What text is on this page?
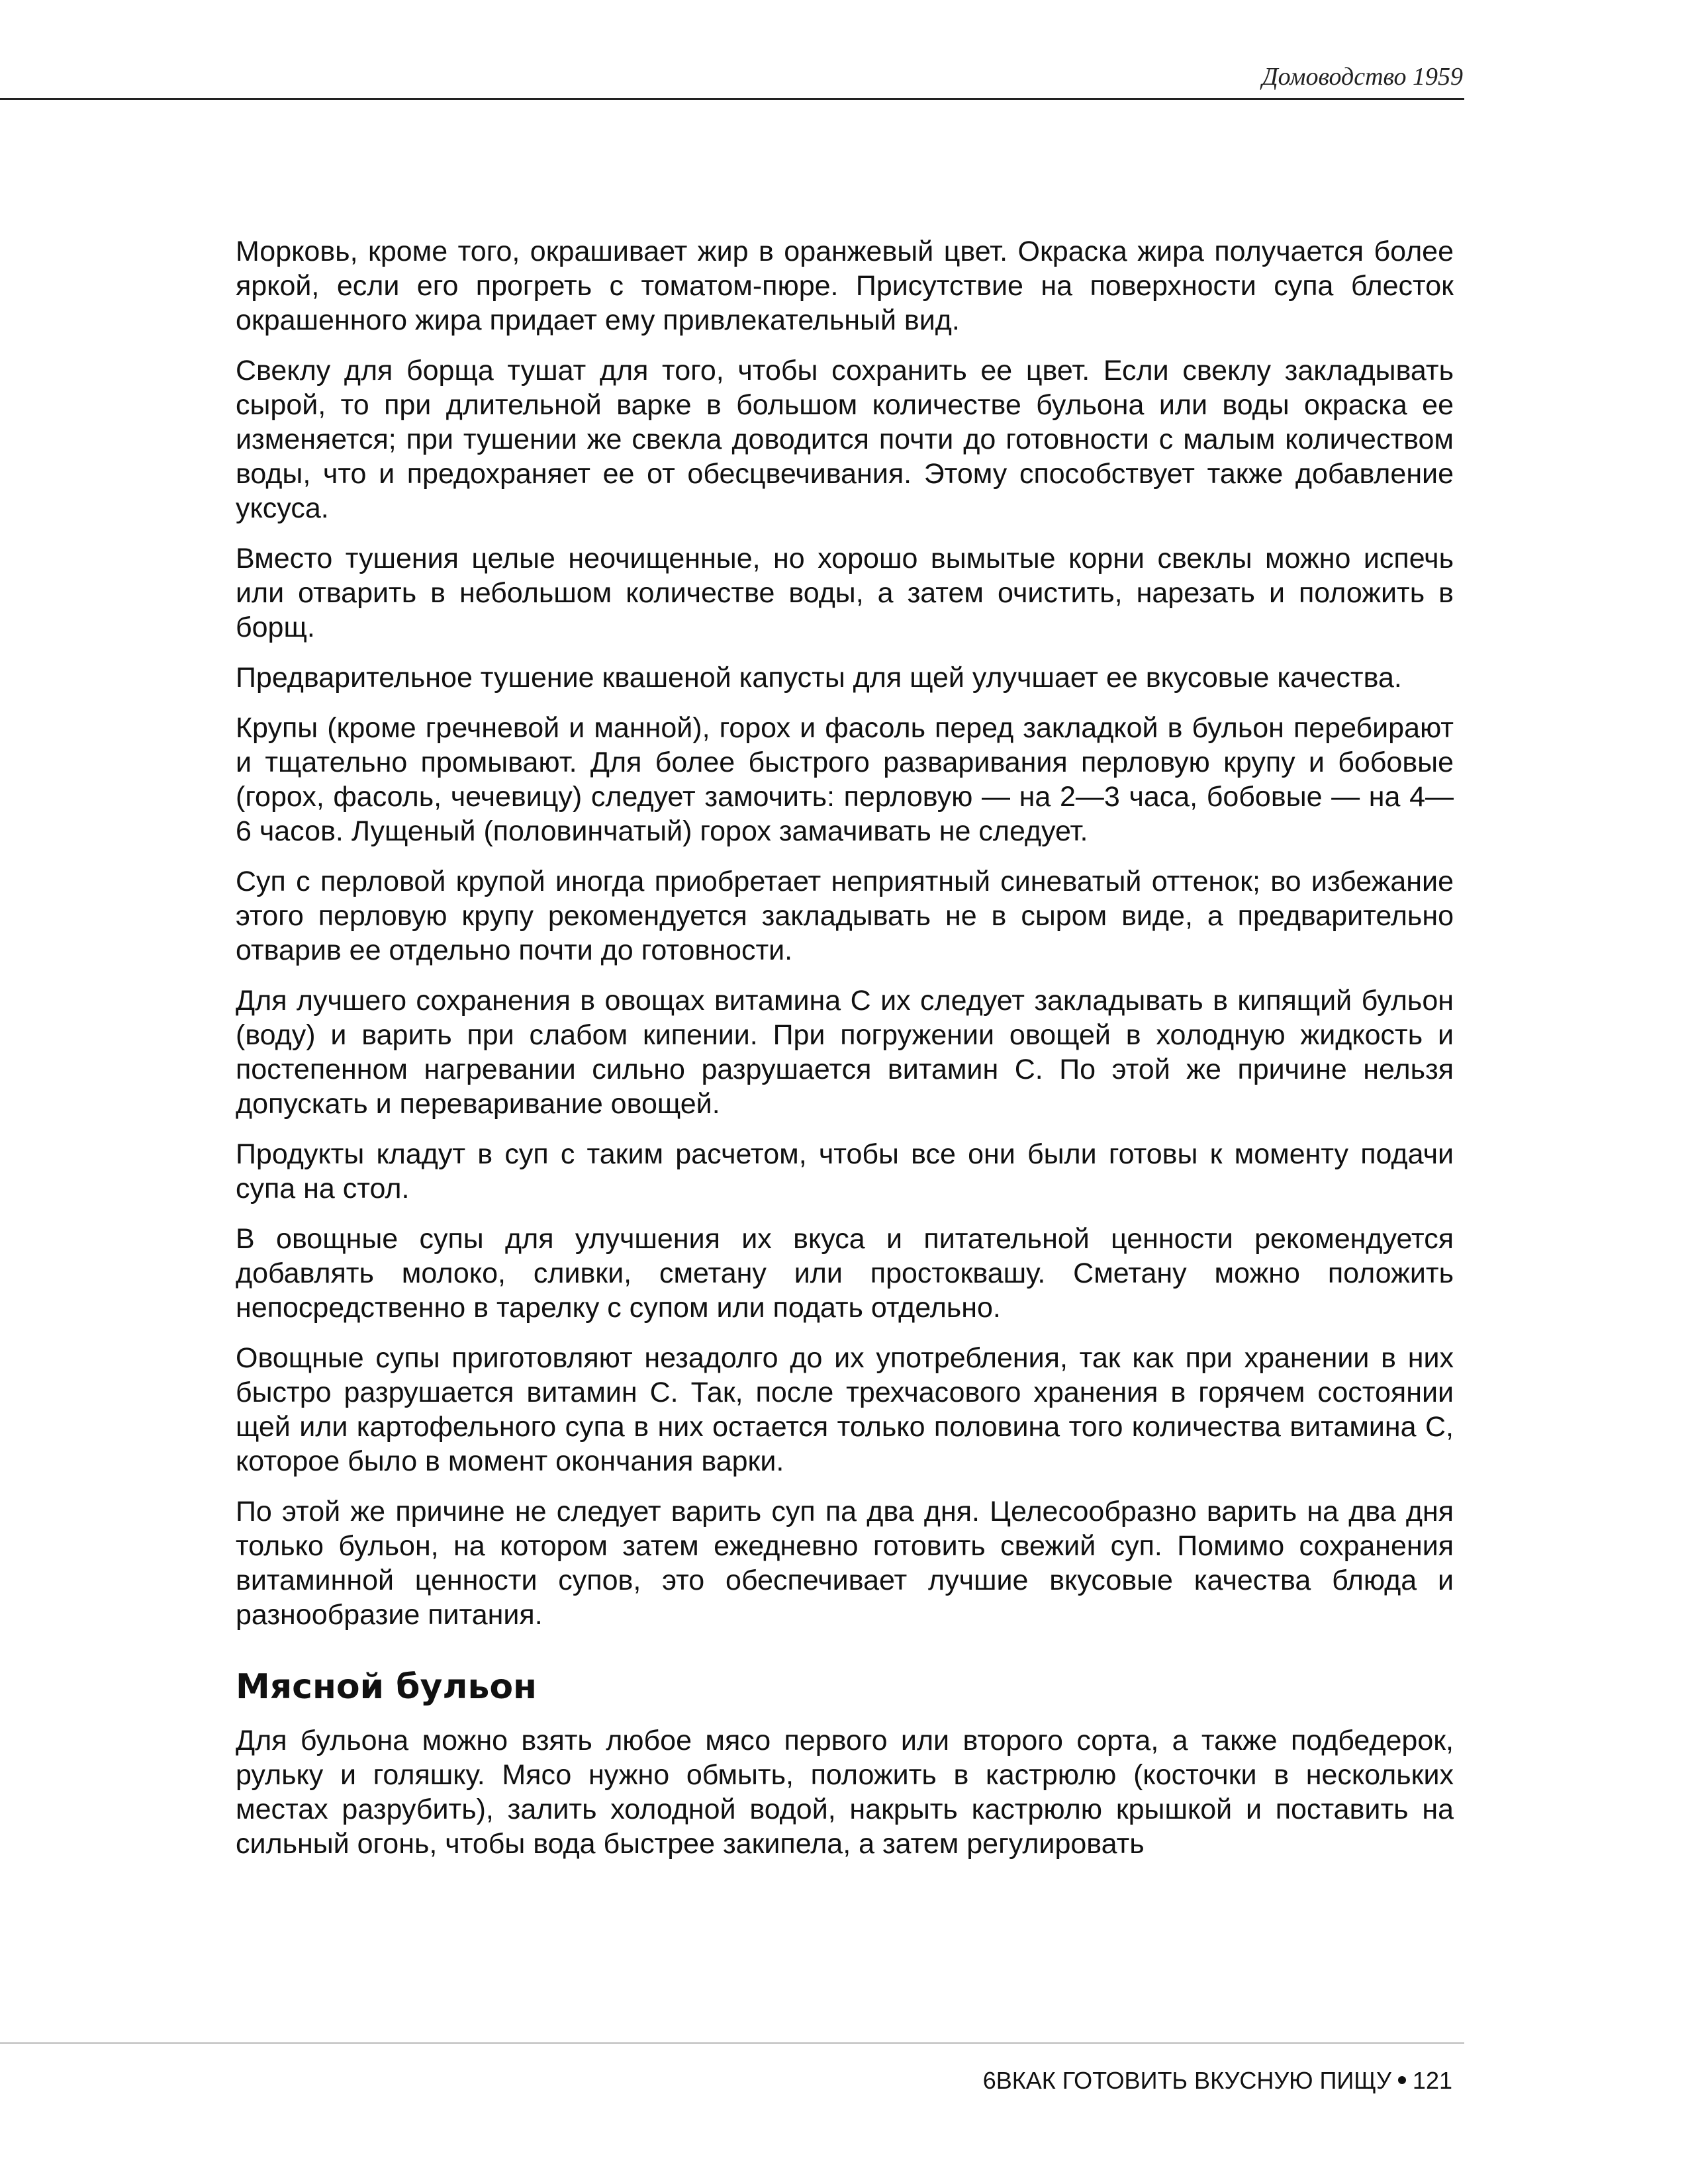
Домоводство 1959

Морковь, кроме того, окрашивает жир в оранжевый цвет. Окраска жира получается более яркой, если его прогреть с томатом-пюре. Присутствие на поверхности супа блесток окрашенного жира придает ему привлекательный вид.

Свеклу для борща тушат для того, чтобы сохранить ее цвет. Если свеклу закладывать сырой, то при длительной варке в большом количестве бульона или воды окраска ее изменяется; при тушении же свекла доводится почти до готовности с малым количеством воды, что и предохраняет ее от обесцвечивания. Этому способствует также добавление уксуса.

Вместо тушения целые неочищенные, но хорошо вымытые корни свеклы можно испечь или отварить в небольшом количестве воды, а затем очистить, нарезать и положить в борщ.

Предварительное тушение квашеной капусты для щей улучшает ее вкусовые качества.

Крупы (кроме гречневой и манной), горох и фасоль перед закладкой в бульон перебирают и тщательно промывают. Для более быстрого разваривания перловую крупу и бобовые (горох, фасоль, чечевицу) следует замочить: перловую — на 2—3 часа, бобовые — на 4—6 часов. Лущеный (половинчатый) горох замачивать не следует.

Суп с перловой крупой иногда приобретает неприятный синеватый оттенок; во избежание этого перловую крупу рекомендуется закладывать не в сыром виде, а предварительно отварив ее отдельно почти до готовности.

Для лучшего сохранения в овощах витамина С их следует закладывать в кипящий бульон (воду) и варить при слабом кипении. При погружении овощей в холодную жидкость и постепенном нагревании сильно разрушается витамин С. По этой же причине нельзя допускать и переваривание овощей.

Продукты кладут в суп с таким расчетом, чтобы все они были готовы к моменту подачи супа на стол.

В овощные супы для улучшения их вкуса и питательной ценности рекомендуется добавлять молоко, сливки, сметану или простоквашу. Сметану можно положить непосредственно в тарелку с супом или подать отдельно.

Овощные супы приготовляют незадолго до их употребления, так как при хранении в них быстро разрушается витамин С. Так, после трехчасового хранения в горячем состоянии щей или картофельного супа в них остается только половина того количества витамина С, которое было в момент окончания варки.

По этой же причине не следует варить суп па два дня. Целесообразно варить на два дня только бульон, на котором затем ежедневно готовить свежий суп. Помимо сохранения витаминной ценности супов, это обеспечивает лучшие вкусовые качества блюда и разнообразие питания.

Мясной бульон

Для бульона можно взять любое мясо первого или второго сорта, а также подбедерок, рульку и голяшку. Мясо нужно обмыть, положить в кастрюлю (косточки в нескольких местах разрубить), залить холодной водой, накрыть кастрюлю крышкой и поставить на сильный огонь, чтобы вода быстрее закипела, а затем регулировать

6ВКАК ГОТОВИТЬ ВКУСНУЮ ПИЩУ 121
